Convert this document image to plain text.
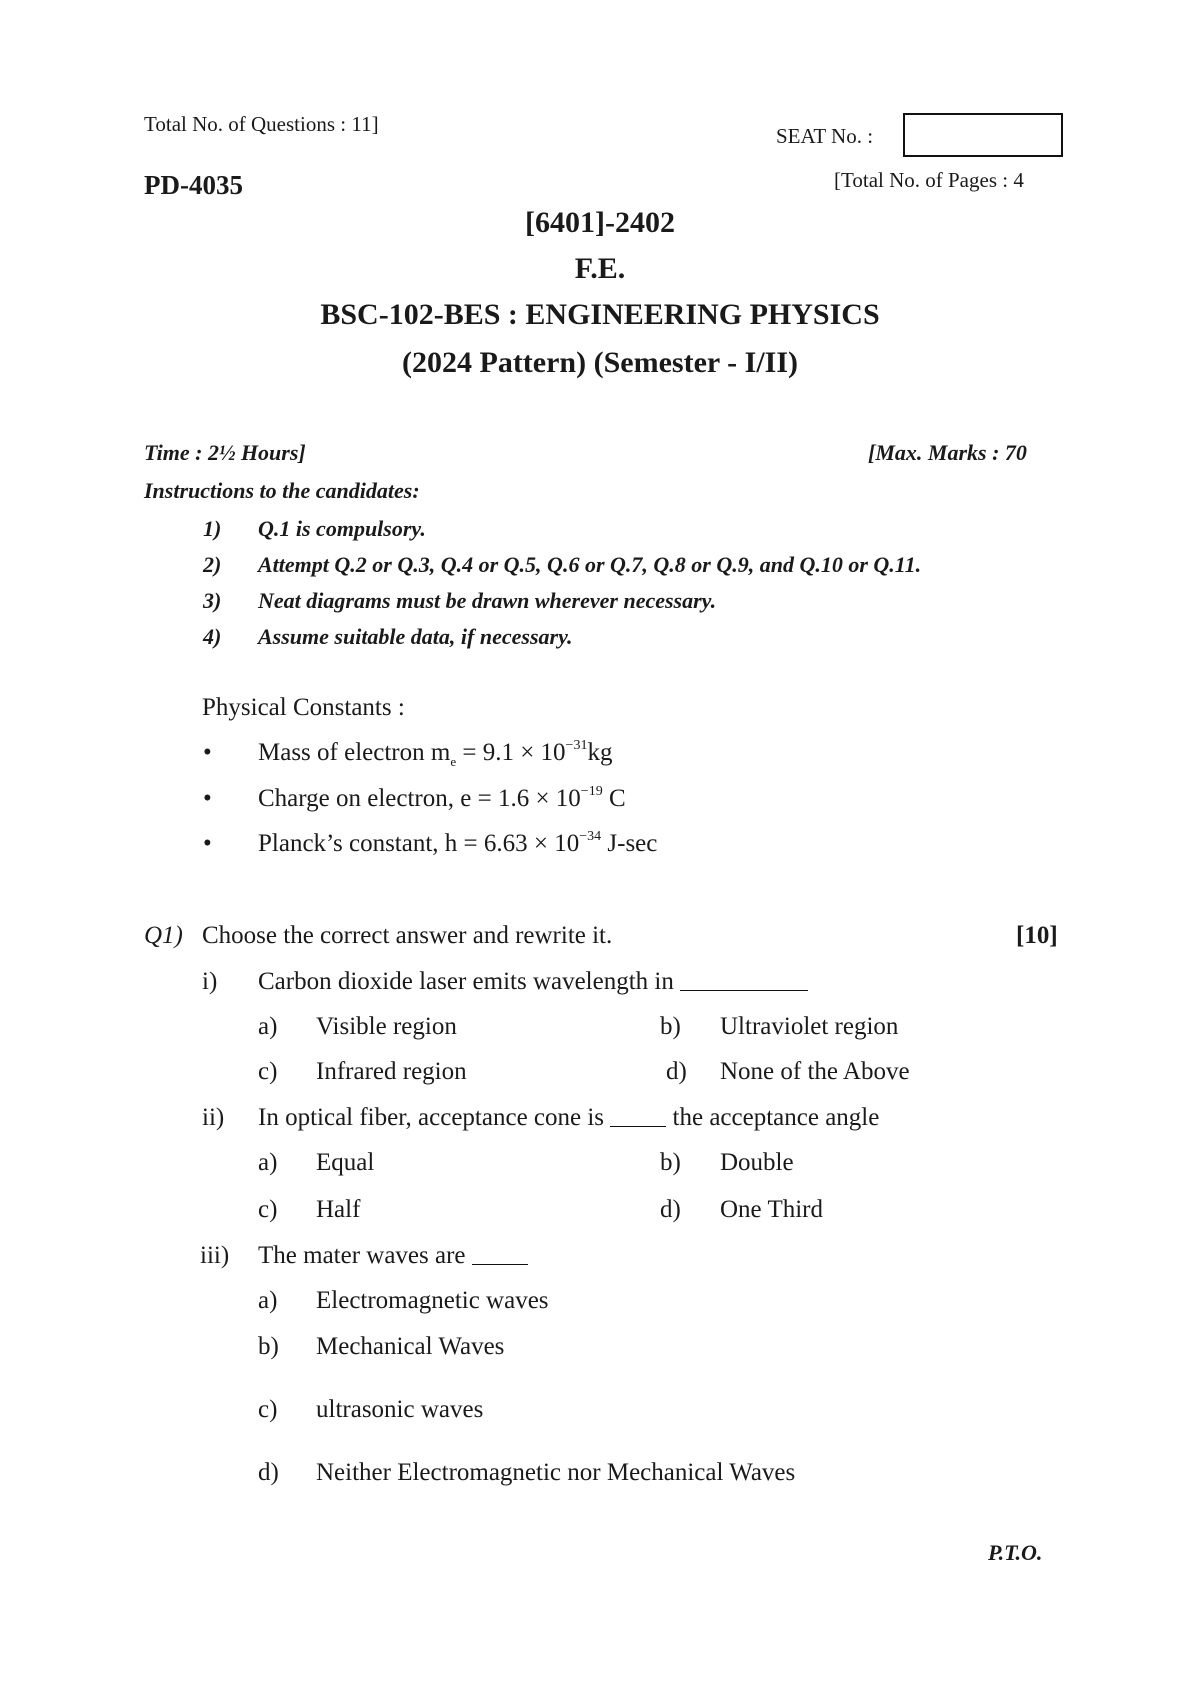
Total No. of Questions : 11]	SEAT No. :
PD-4035	[Total No. of Pages : 4
[6401]-2402
F.E.
BSC-102-BES : ENGINEERING PHYSICS
(2024 Pattern) (Semester - I/II)
Time : 2½ Hours]	[Max. Marks : 70
Instructions to the candidates:
1) Q.1 is compulsory.
2) Attempt Q.2 or Q.3, Q.4 or Q.5, Q.6 or Q.7, Q.8 or Q.9, and Q.10 or Q.11.
3) Neat diagrams must be drawn wherever necessary.
4) Assume suitable data, if necessary.
Physical Constants :
• Mass of electron $m_e = 9.1 \times 10^{-31}kg$
• Charge on electron, $e = 1.6 \times 10^{-19}$ C
• Planck’s constant, $h = 6.63 \times 10^{-34}$ J-sec
Q1) Choose the correct answer and rewrite it.	[10]
i) Carbon dioxide laser emits wavelength in
a) Visible region	b) Ultraviolet region
c) Infrared region	d) None of the Above
ii) In optical fiber, acceptance cone is	the acceptance angle
a) Equal	b) Double
c) Half	d) One Third
iii) The mater waves are
a) Electromagnetic waves
b) Mechanical Waves
c) ultrasonic waves
d) Neither Electromagnetic nor Mechanical Waves
P.T.O.
